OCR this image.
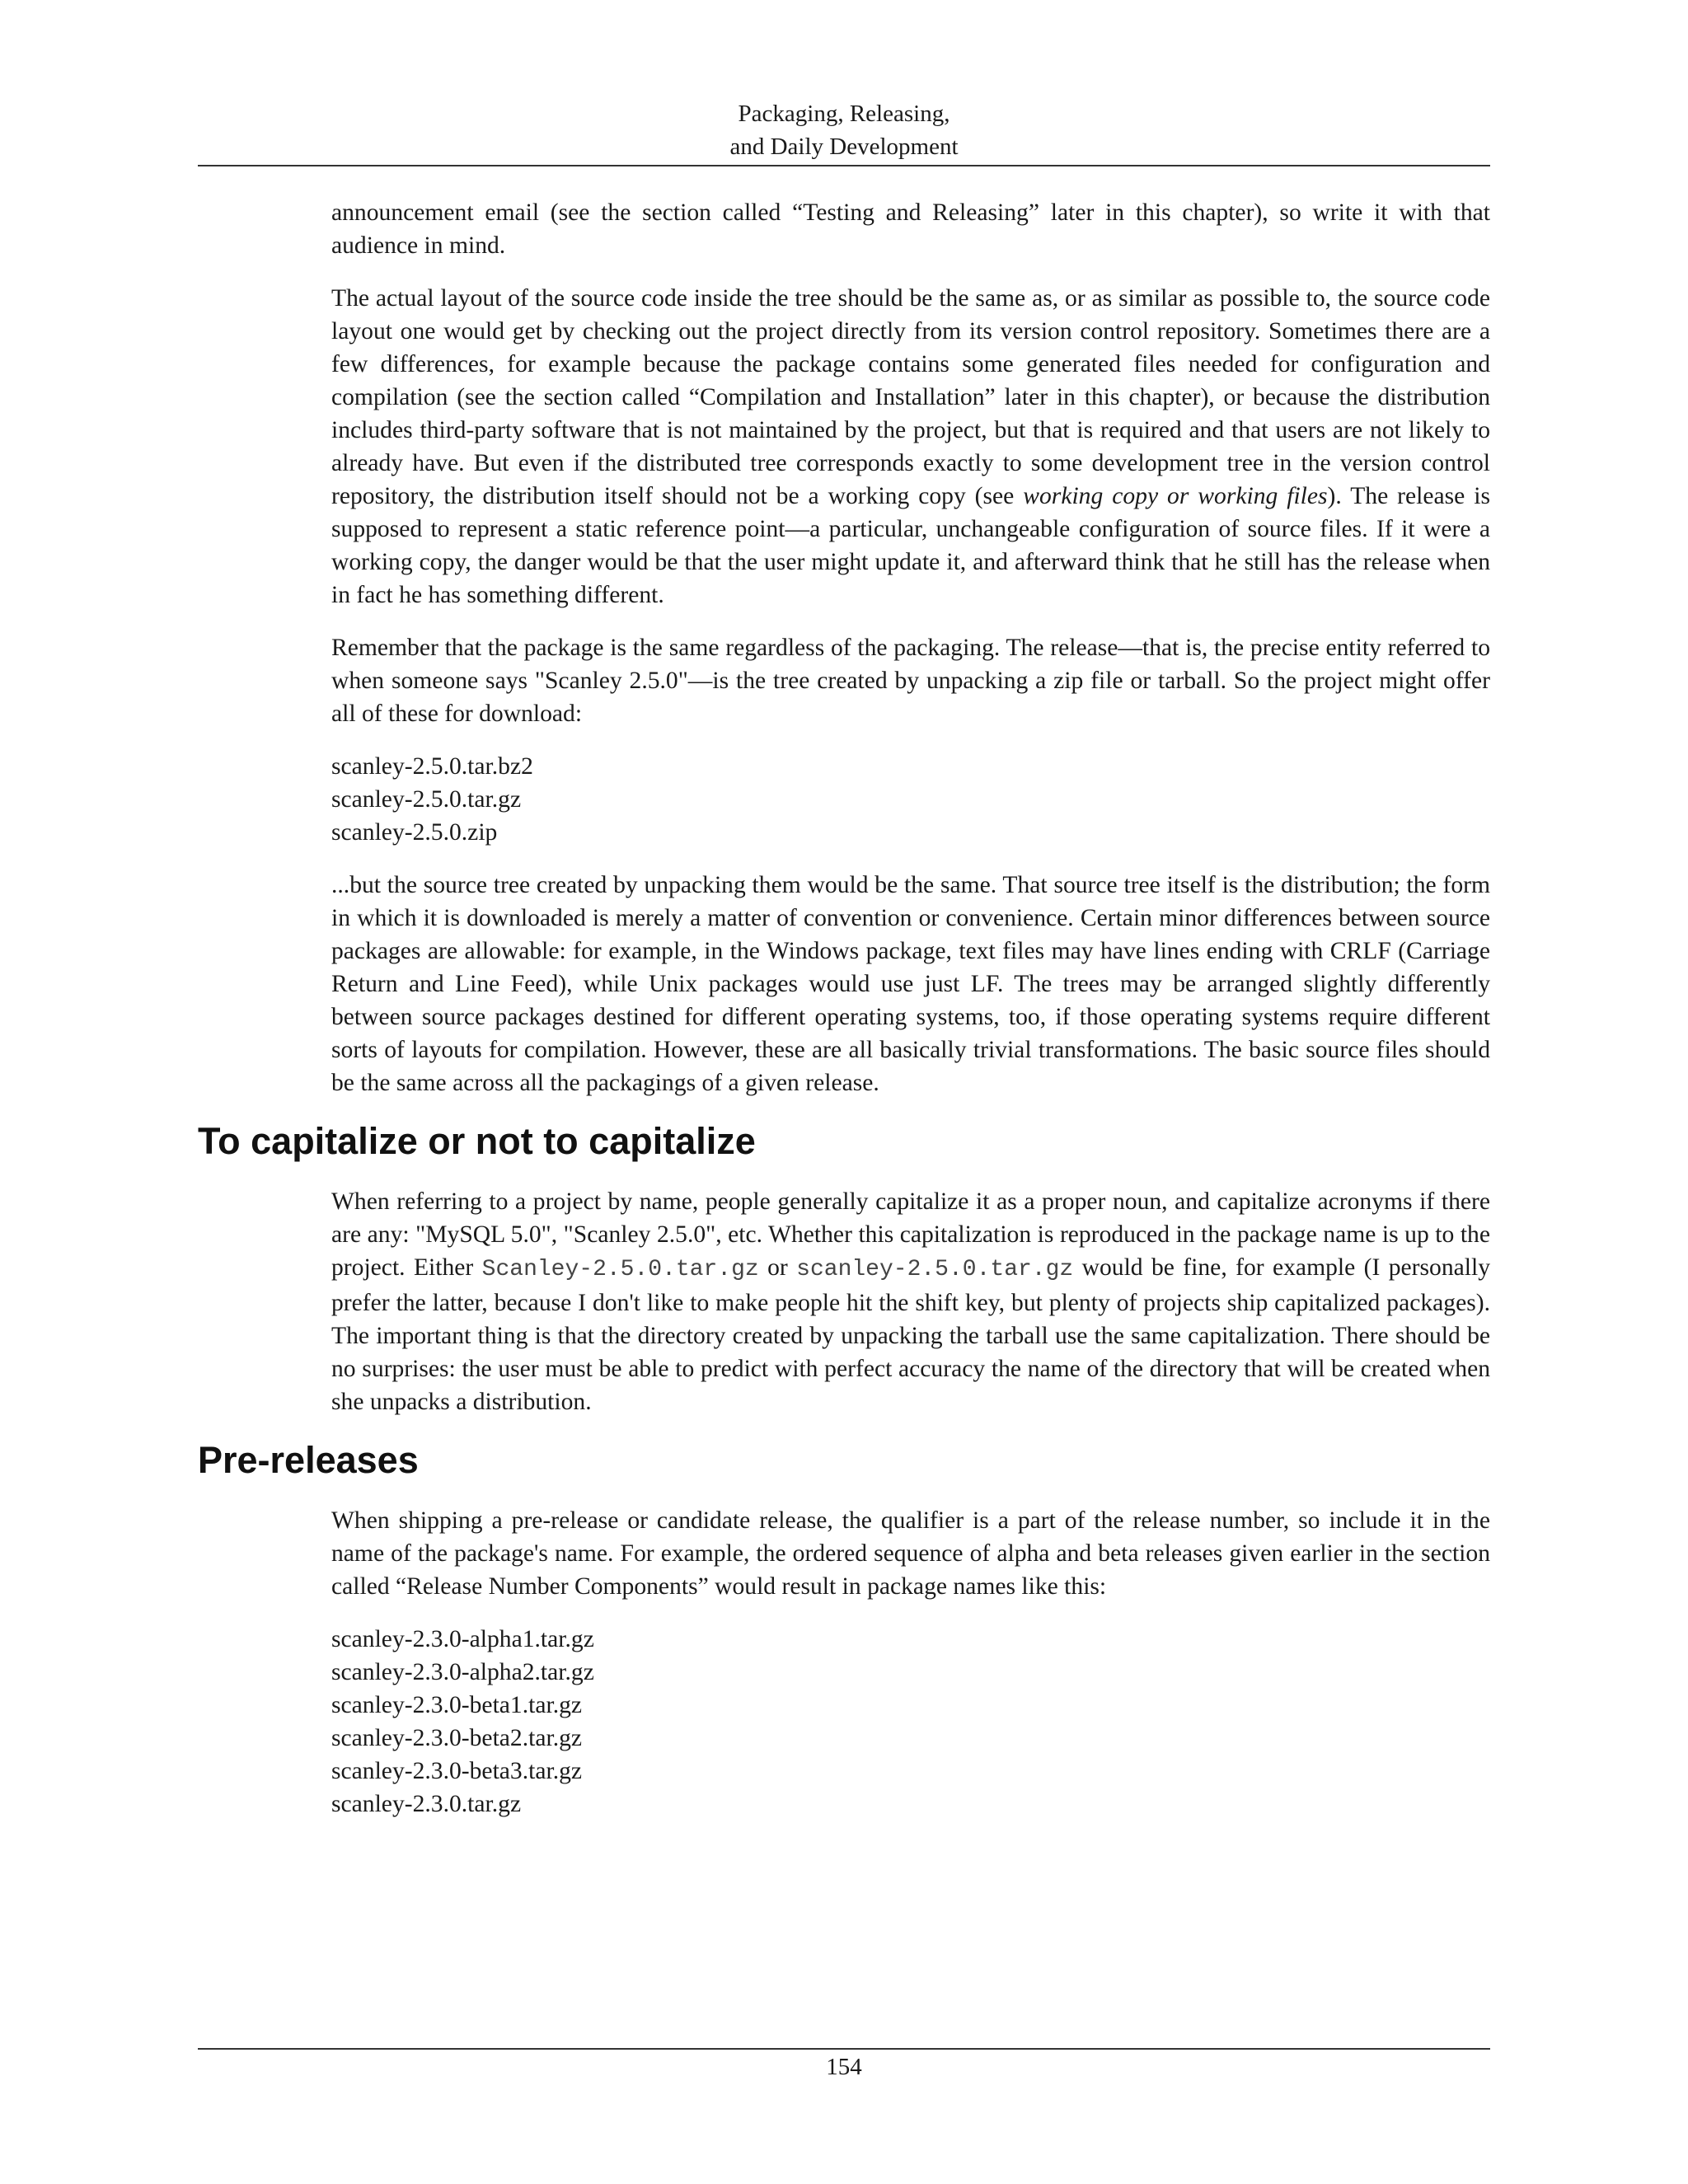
Packaging, Releasing,
and Daily Development

announcement email (see the section called “Testing and Releasing” later in this chapter), so write it with that audience in mind.

The actual layout of the source code inside the tree should be the same as, or as similar as possible to, the source code layout one would get by checking out the project directly from its version control repository. Sometimes there are a few differences, for example because the package contains some generated files needed for configuration and compilation (see the section called “Compilation and Installation” later in this chapter), or because the distribution includes third-party software that is not maintained by the project, but that is required and that users are not likely to already have. But even if the distributed tree corresponds exactly to some development tree in the version control repository, the distribution itself should not be a working copy (see working copy or working files). The release is supposed to represent a static reference point—a particular, unchangeable configuration of source files. If it were a working copy, the danger would be that the user might update it, and afterward think that he still has the release when in fact he has something different.

Remember that the package is the same regardless of the packaging. The release—that is, the precise entity referred to when someone says "Scanley 2.5.0"—is the tree created by unpacking a zip file or tarball. So the project might offer all of these for download:

scanley-2.5.0.tar.bz2
scanley-2.5.0.tar.gz
scanley-2.5.0.zip

...but the source tree created by unpacking them would be the same. That source tree itself is the distribution; the form in which it is downloaded is merely a matter of convention or convenience. Certain minor differences between source packages are allowable: for example, in the Windows package, text files may have lines ending with CRLF (Carriage Return and Line Feed), while Unix packages would use just LF. The trees may be arranged slightly differently between source packages destined for different operating systems, too, if those operating systems require different sorts of layouts for compilation. However, these are all basically trivial transformations. The basic source files should be the same across all the packagings of a given release.

To capitalize or not to capitalize

When referring to a project by name, people generally capitalize it as a proper noun, and capitalize acronyms if there are any: "MySQL 5.0", "Scanley 2.5.0", etc. Whether this capitalization is reproduced in the package name is up to the project. Either Scanley-2.5.0.tar.gz or scanley-2.5.0.tar.gz would be fine, for example (I personally prefer the latter, because I don't like to make people hit the shift key, but plenty of projects ship capitalized packages). The important thing is that the directory created by unpacking the tarball use the same capitalization. There should be no surprises: the user must be able to predict with perfect accuracy the name of the directory that will be created when she unpacks a distribution.

Pre-releases

When shipping a pre-release or candidate release, the qualifier is a part of the release number, so include it in the name of the package's name. For example, the ordered sequence of alpha and beta releases given earlier in the section called “Release Number Components” would result in package names like this:

scanley-2.3.0-alpha1.tar.gz
scanley-2.3.0-alpha2.tar.gz
scanley-2.3.0-beta1.tar.gz
scanley-2.3.0-beta2.tar.gz
scanley-2.3.0-beta3.tar.gz
scanley-2.3.0.tar.gz
154
